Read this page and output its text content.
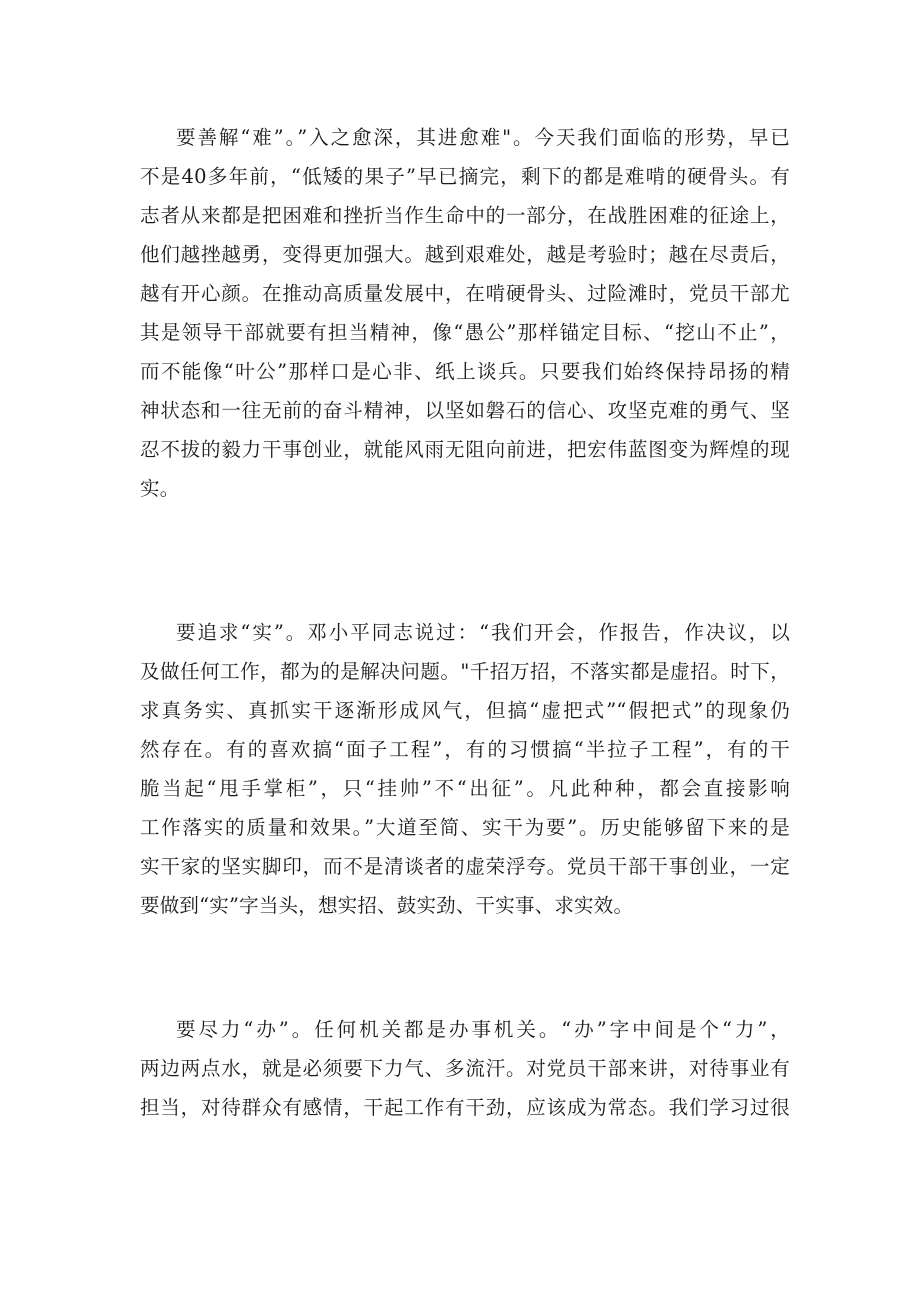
要善解“难”。”入之愈深，其进愈难"。今天我们面临的形势，早已
不是40多年前，“低矮的果子”早已摘完，剩下的都是难啃的硬骨头。有
志者从来都是把困难和挫折当作生命中的一部分，在战胜困难的征途上，
他们越挫越勇，变得更加强大。越到艰难处，越是考验时；越在尽责后，
越有开心颜。在推动高质量发展中，在啃硬骨头、过险滩时，党员干部尤
其是领导干部就要有担当精神，像“愚公”那样锚定目标、“挖山不止”，
而不能像“叶公”那样口是心非、纸上谈兵。只要我们始终保持昂扬的精
神状态和一往无前的奋斗精神，以坚如磐石的信心、攻坚克难的勇气、坚
忍不拔的毅力干事创业，就能风雨无阻向前进，把宏伟蓝图变为辉煌的现
实。
要追求“实”。邓小平同志说过：“我们开会，作报告，作决议，以
及做任何工作，都为的是解决问题。"千招万招，不落实都是虚招。时下，
求真务实、真抓实干逐渐形成风气，但搞“虚把式”“假把式”的现象仍
然存在。有的喜欢搞“面子工程”，有的习惯搞“半拉子工程”，有的干
脆当起“甩手掌柜”，只“挂帅”不“出征”。凡此种种，都会直接影响
工作落实的质量和效果。”大道至简、实干为要”。历史能够留下来的是
实干家的坚实脚印，而不是清谈者的虚荣浮夸。党员干部干事创业，一定
要做到“实”字当头，想实招、鼓实劲、干实事、求实效。
要尽力“办”。任何机关都是办事机关。“办”字中间是个“力”，
两边两点水，就是必须要下力气、多流汗。对党员干部来讲，对待事业有
担当，对待群众有感情，干起工作有干劲，应该成为常态。我们学习过很
